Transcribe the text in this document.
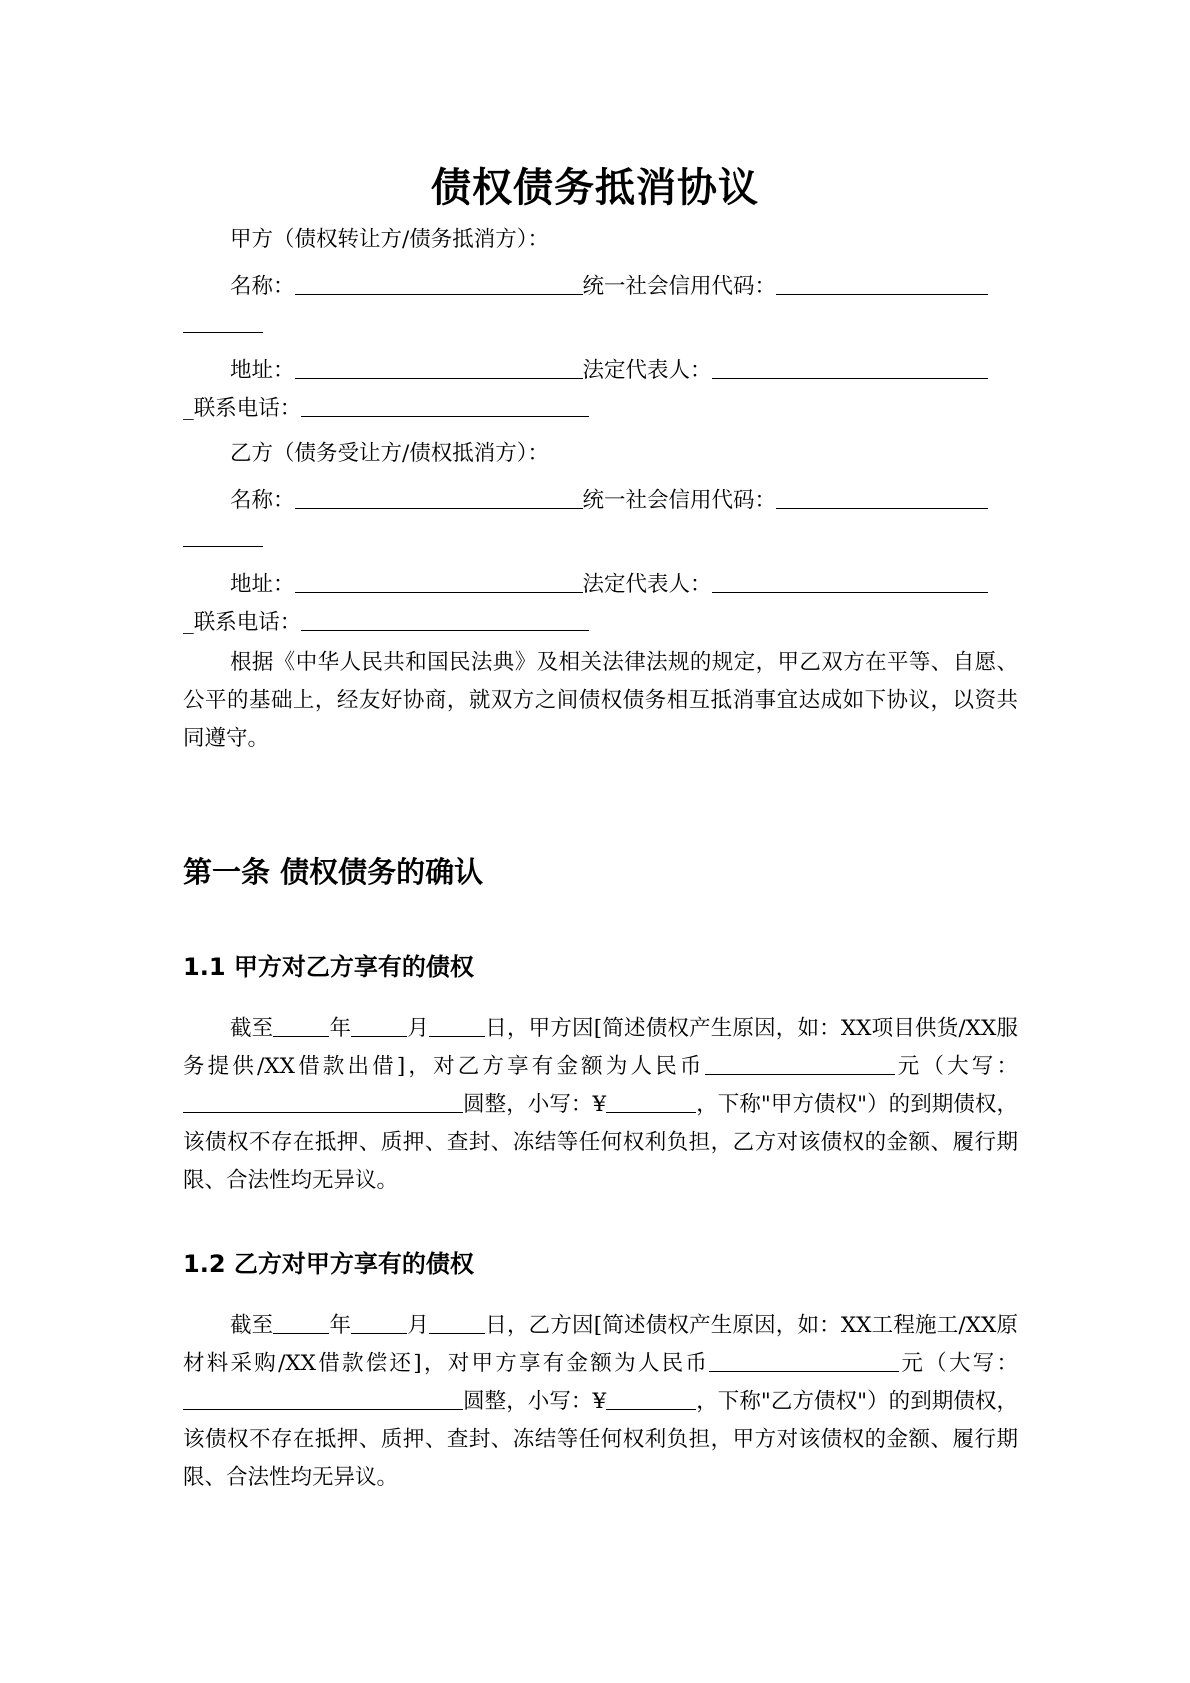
债权债务抵消协议
甲方（债权转让方/债务抵消方）：
名称：	统一社会信用代码：
地址：	法定代表人：
_联系电话：
乙方（债务受让方/债权抵消方）：
名称：	统一社会信用代码：
地址：	法定代表人：
_联系电话：
根据《中华人民共和国民法典》及相关法律法规的规定，甲乙双方在平等、自愿、公平的基础上，经友好协商，就双方之间债权债务相互抵消事宜达成如下协议，以资共同遵守。
第一条 债权债务的确认
1.1 甲方对乙方享有的债权
截至	年	月	日，甲方因[简述债权产生原因，如：XX项目供货/XX服务提供/XX借款出借]，对乙方享有金额为人民币	元（大写：圆整，小写：¥	，下称"甲方债权"）的到期债权，该债权不存在抵押、质押、查封、冻结等任何权利负担，乙方对该债权的金额、履行期限、合法性均无异议。
1.2 乙方对甲方享有的债权
截至	年	月	日，乙方因[简述债权产生原因，如：XX工程施工/XX原材料采购/XX借款偿还]，对甲方享有金额为人民币	元（大写：圆整，小写：¥	，下称"乙方债权"）的到期债权，该债权不存在抵押、质押、查封、冻结等任何权利负担，甲方对该债权的金额、履行期限、合法性均无异议。
